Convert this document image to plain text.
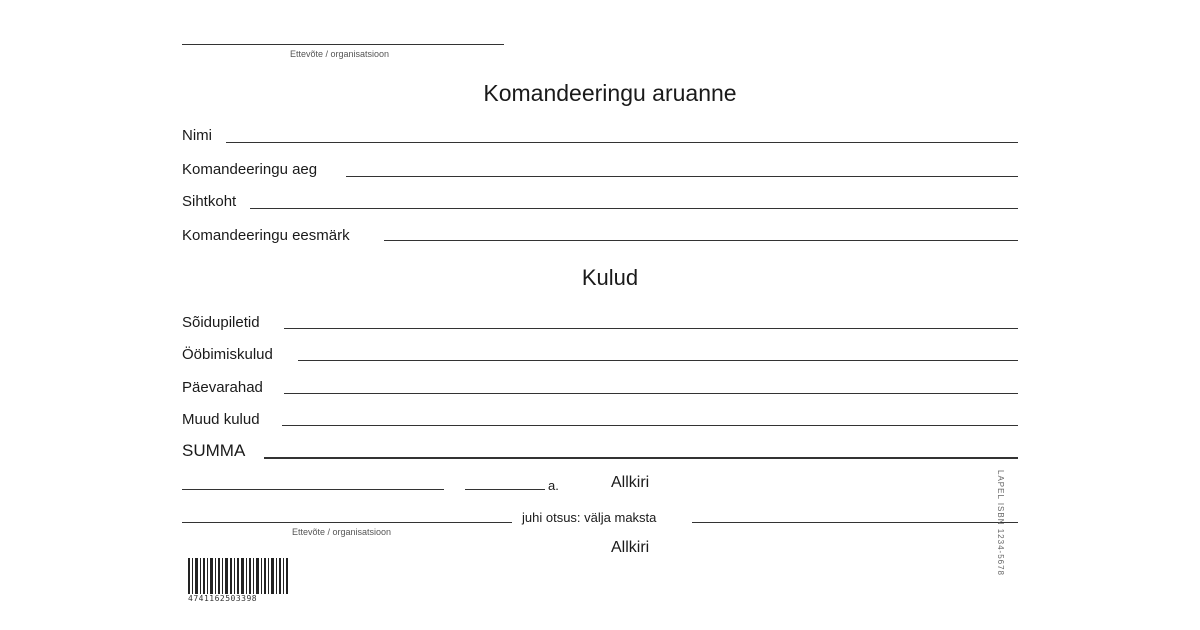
Ettevõte / organisatsioon
Komandeeringu aruanne
Nimi
Komandeeringu aeg
Sihtkoht
Komandeeringu eesmärk
Kulud
Sõidupiletid
Ööbimiskulud
Päevarahad
Muud kulud
SUMMA
a.	Allkiri
Ettevõte / organisatsioon
juhi otsus: välja maksta
Allkiri	LAPEL ISBN 1234-5678
4741162503398
